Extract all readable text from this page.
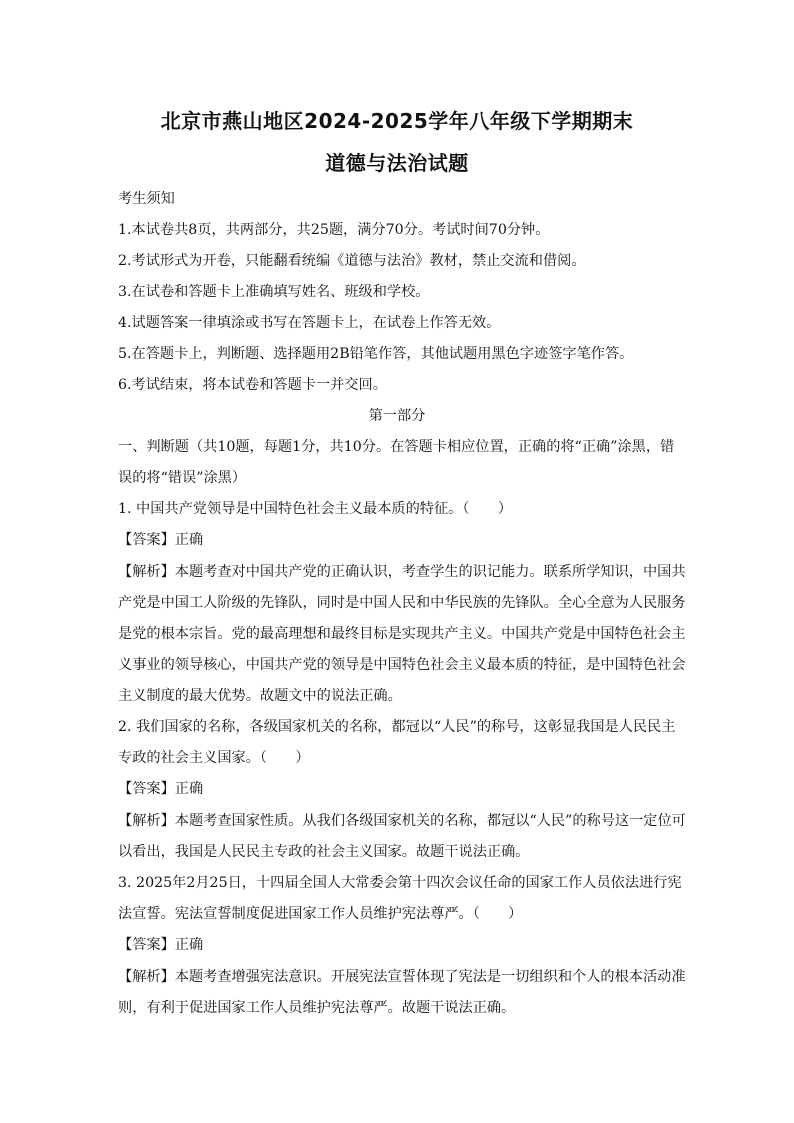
北京市燕山地区2024-2025学年八年级下学期期末
道德与法治试题
考生须知
1.本试卷共8页，共两部分，共25题，满分70分。考试时间70分钟。
2.考试形式为开卷，只能翻看统编《道德与法治》教材，禁止交流和借阅。
3.在试卷和答题卡上准确填写姓名、班级和学校。
4.试题答案一律填涂或书写在答题卡上，在试卷上作答无效。
5.在答题卡上，判断题、选择题用2B铅笔作答，其他试题用黑色字迹签字笔作答。
6.考试结束，将本试卷和答题卡一并交回。
第一部分
一、判断题（共10题，每题1分，共10分。在答题卡相应位置，正确的将“正确”涂黑，错
误的将“错误”涂黑）
1. 中国共产党领导是中国特色社会主义最本质的特征。（　　）
【答案】正确
【解析】本题考查对中国共产党的正确认识，考查学生的识记能力。联系所学知识，中国共
产党是中国工人阶级的先锋队，同时是中国人民和中华民族的先锋队。全心全意为人民服务
是党的根本宗旨。党的最高理想和最终目标是实现共产主义。中国共产党是中国特色社会主
义事业的领导核心，中国共产党的领导是中国特色社会主义最本质的特征，是中国特色社会
主义制度的最大优势。故题文中的说法正确。
2. 我们国家的名称，各级国家机关的名称，都冠以“人民”的称号，这彰显我国是人民民主
专政的社会主义国家。（　　）
【答案】正确
【解析】本题考查国家性质。从我们各级国家机关的名称，都冠以“人民”的称号这一定位可
以看出，我国是人民民主专政的社会主义国家。故题干说法正确。
3. 2025年2月25日，十四届全国人大常委会第十四次会议任命的国家工作人员依法进行宪
法宣誓。宪法宣誓制度促进国家工作人员维护宪法尊严。（　　）
【答案】正确
【解析】本题考查增强宪法意识。开展宪法宣誓体现了宪法是一切组织和个人的根本活动准
则，有利于促进国家工作人员维护宪法尊严。故题干说法正确。
